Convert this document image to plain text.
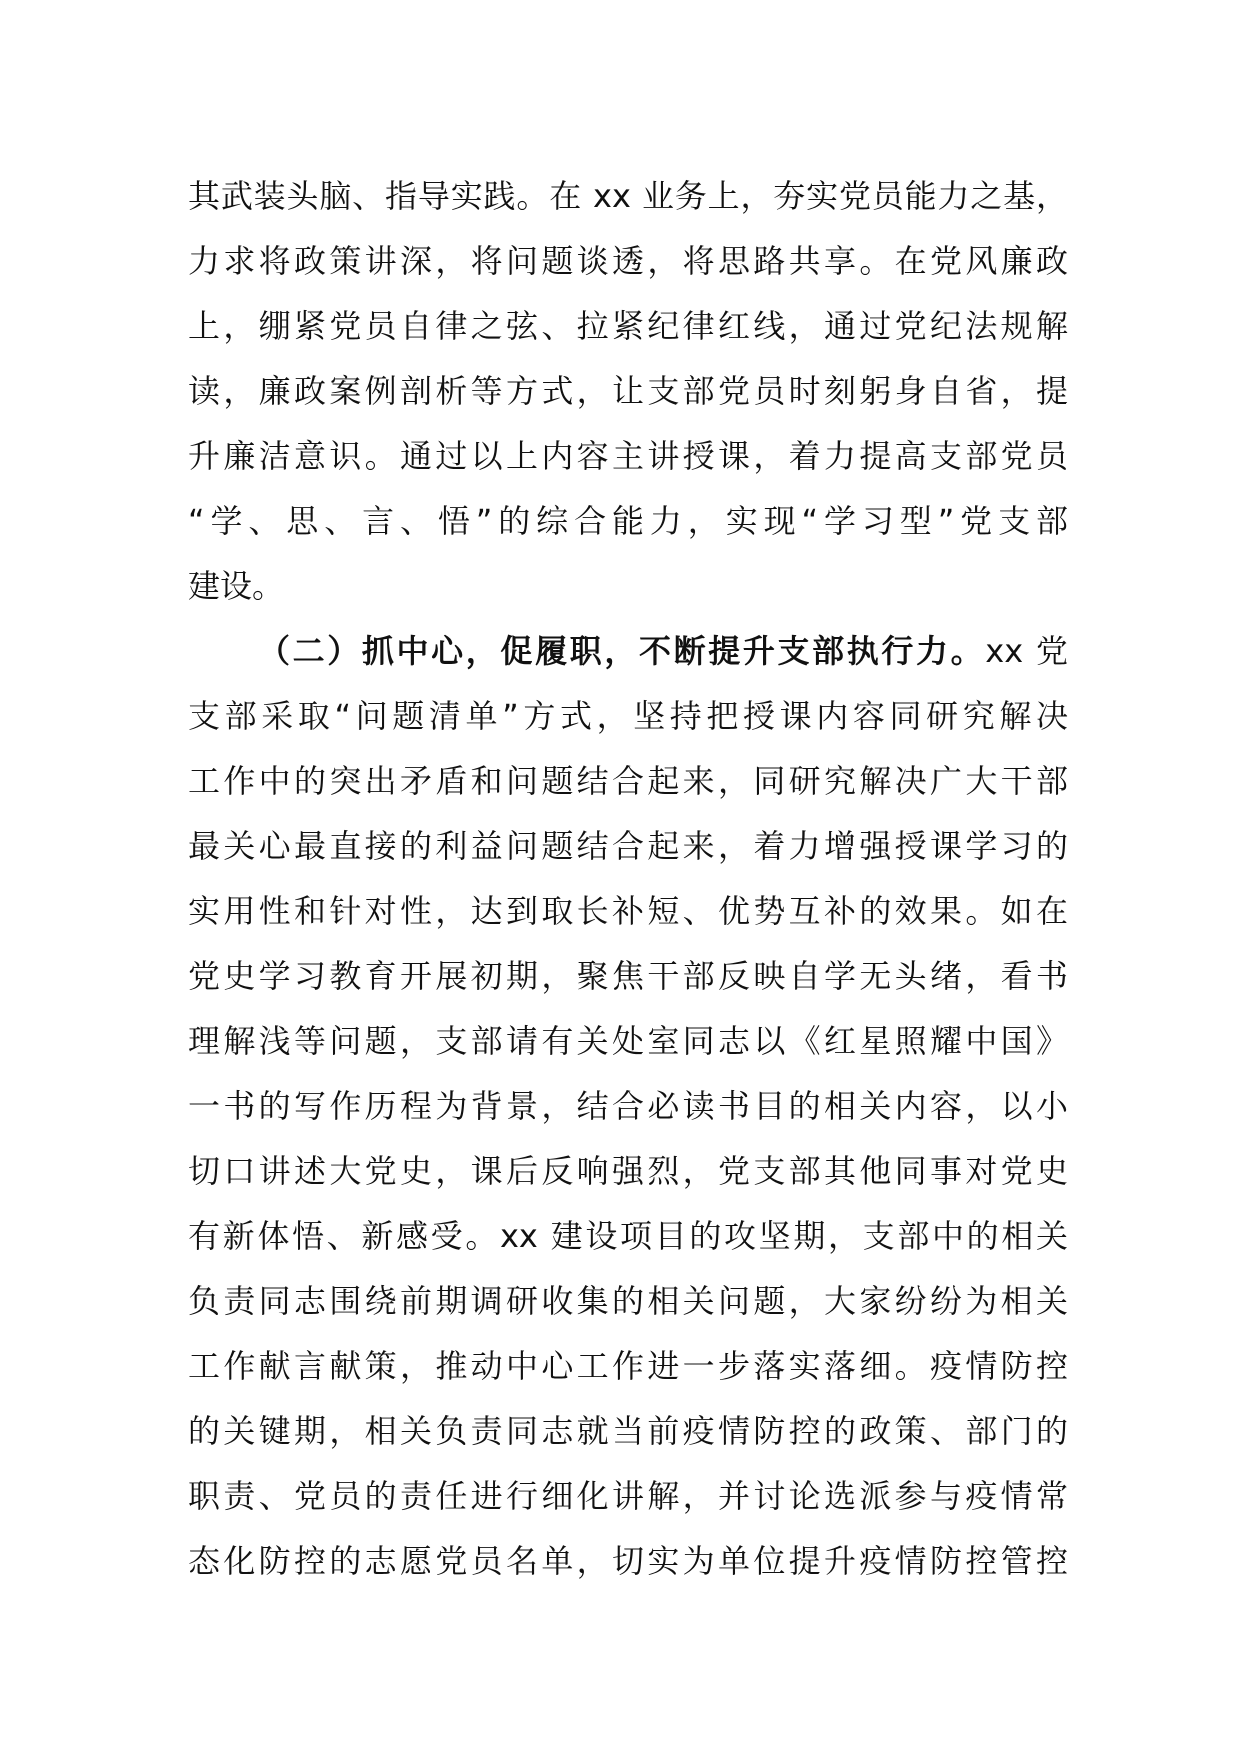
其武装头脑、指导实践。在 xx 业务上，夯实党员能力之基，
力求将政策讲深，将问题谈透，将思路共享。在党风廉政
上，绷紧党员自律之弦、拉紧纪律红线，通过党纪法规解
读，廉政案例剖析等方式，让支部党员时刻躬身自省，提
升廉洁意识。通过以上内容主讲授课，着力提高支部党员
“学、思、言、悟”的综合能力，实现“学习型”党支部
建设。
（二）抓中心，促履职，不断提升支部执行力。xx 党
支部采取“问题清单”方式，坚持把授课内容同研究解决
工作中的突出矛盾和问题结合起来，同研究解决广大干部
最关心最直接的利益问题结合起来，着力增强授课学习的
实用性和针对性，达到取长补短、优势互补的效果。如在
党史学习教育开展初期，聚焦干部反映自学无头绪，看书
理解浅等问题，支部请有关处室同志以《红星照耀中国》
一书的写作历程为背景，结合必读书目的相关内容，以小
切口讲述大党史，课后反响强烈，党支部其他同事对党史
有新体悟、新感受。xx 建设项目的攻坚期，支部中的相关
负责同志围绕前期调研收集的相关问题，大家纷纷为相关
工作献言献策，推动中心工作进一步落实落细。疫情防控
的关键期，相关负责同志就当前疫情防控的政策、部门的
职责、党员的责任进行细化讲解，并讨论选派参与疫情常
态化防控的志愿党员名单，切实为单位提升疫情防控管控
